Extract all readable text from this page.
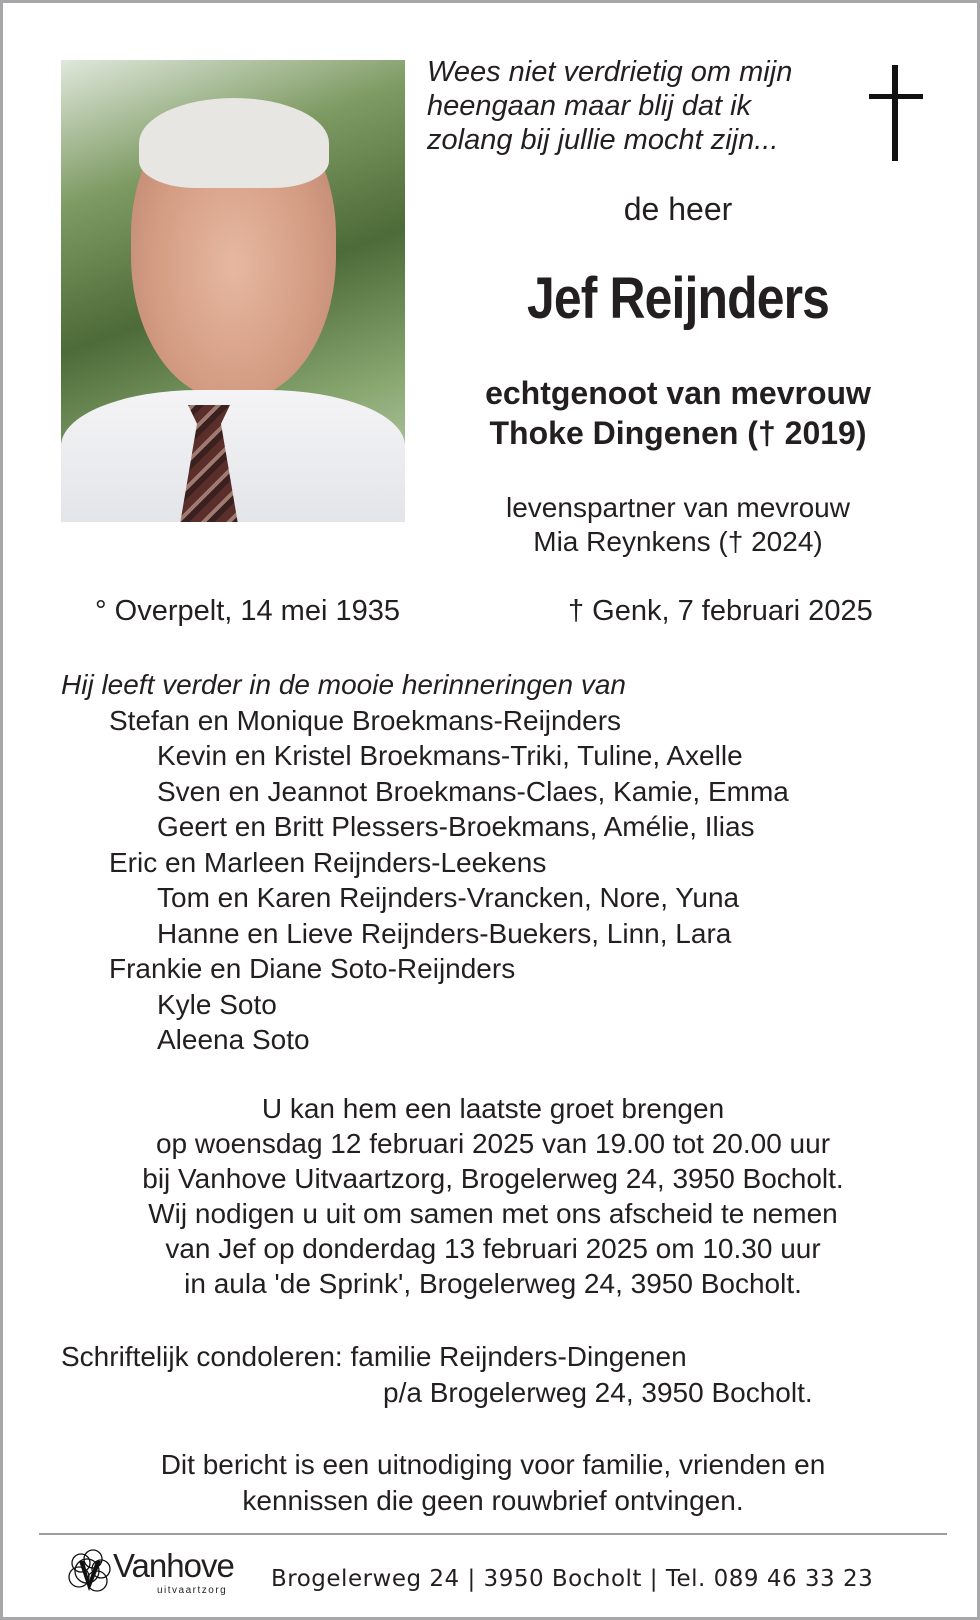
Wees niet verdrietig om mijn
heengaan maar blij dat ik
zolang bij jullie mocht zijn...
de heer
Jef Reijnders
echtgenoot van mevrouw
Thoke Dingenen († 2019)
levenspartner van mevrouw
Mia Reynkens († 2024)
° Overpelt, 14 mei 1935	† Genk, 7 februari 2025
Hij leeft verder in de mooie herinneringen van
Stefan en Monique Broekmans-Reijnders
Kevin en Kristel Broekmans-Triki, Tuline, Axelle
Sven en Jeannot Broekmans-Claes, Kamie, Emma
Geert en Britt Plessers-Broekmans, Amélie, Ilias
Eric en Marleen Reijnders-Leekens
Tom en Karen Reijnders-Vrancken, Nore, Yuna
Hanne en Lieve Reijnders-Buekers, Linn, Lara
Frankie en Diane Soto-Reijnders
Kyle Soto
Aleena Soto
U kan hem een laatste groet brengen
op woensdag 12 februari 2025 van 19.00 tot 20.00 uur
bij Vanhove Uitvaartzorg, Brogelerweg 24, 3950 Bocholt.
Wij nodigen u uit om samen met ons afscheid te nemen
van Jef op donderdag 13 februari 2025 om 10.30 uur
in aula 'de Sprink', Brogelerweg 24, 3950 Bocholt.
Schriftelijk condoleren: familie Reijnders-Dingenen
p/a Brogelerweg 24, 3950 Bocholt.
Dit bericht is een uitnodiging voor familie, vrienden en
kennissen die geen rouwbrief ontvingen.
Vanhove
uitvaartzorg Brogelerweg 24 | 3950 Bocholt | Tel. 089 46 33 23
